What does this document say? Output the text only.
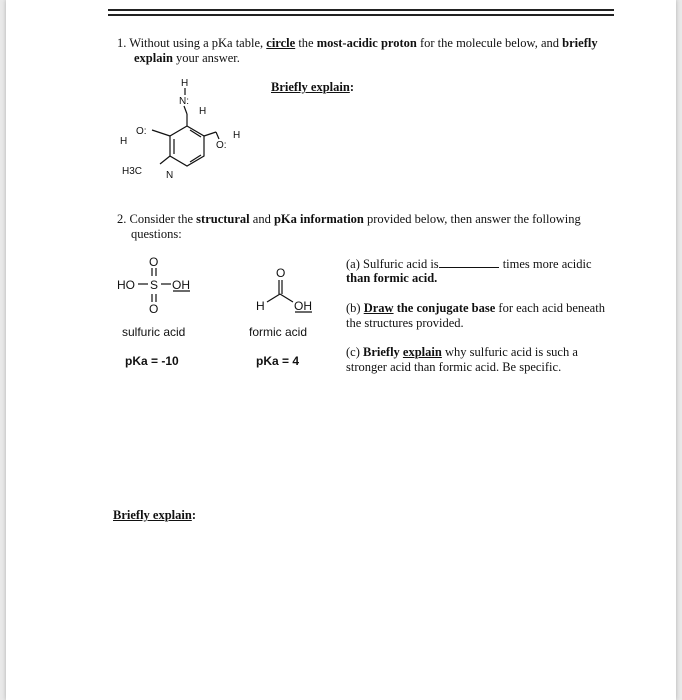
1. Without using a pKa table, circle the most-acidic proton for the molecule below, and briefly
explain your answer.
Briefly explain:
H
N:
H
O:
H	O:
H
H3C N
2. Consider the structural and pKa information provided below, then answer the following
questions:
O
HO S OH
O
sulfuric acid
pKa = -10
O
H OH
formic acid
pKa = 4
(a) Sulfuric acid is	times more acidic
than formic acid.
(b) Draw the conjugate base for each acid beneath
the structures provided.
(c) Briefly explain why sulfuric acid is such a
stronger acid than formic acid. Be specific.
Briefly explain:
